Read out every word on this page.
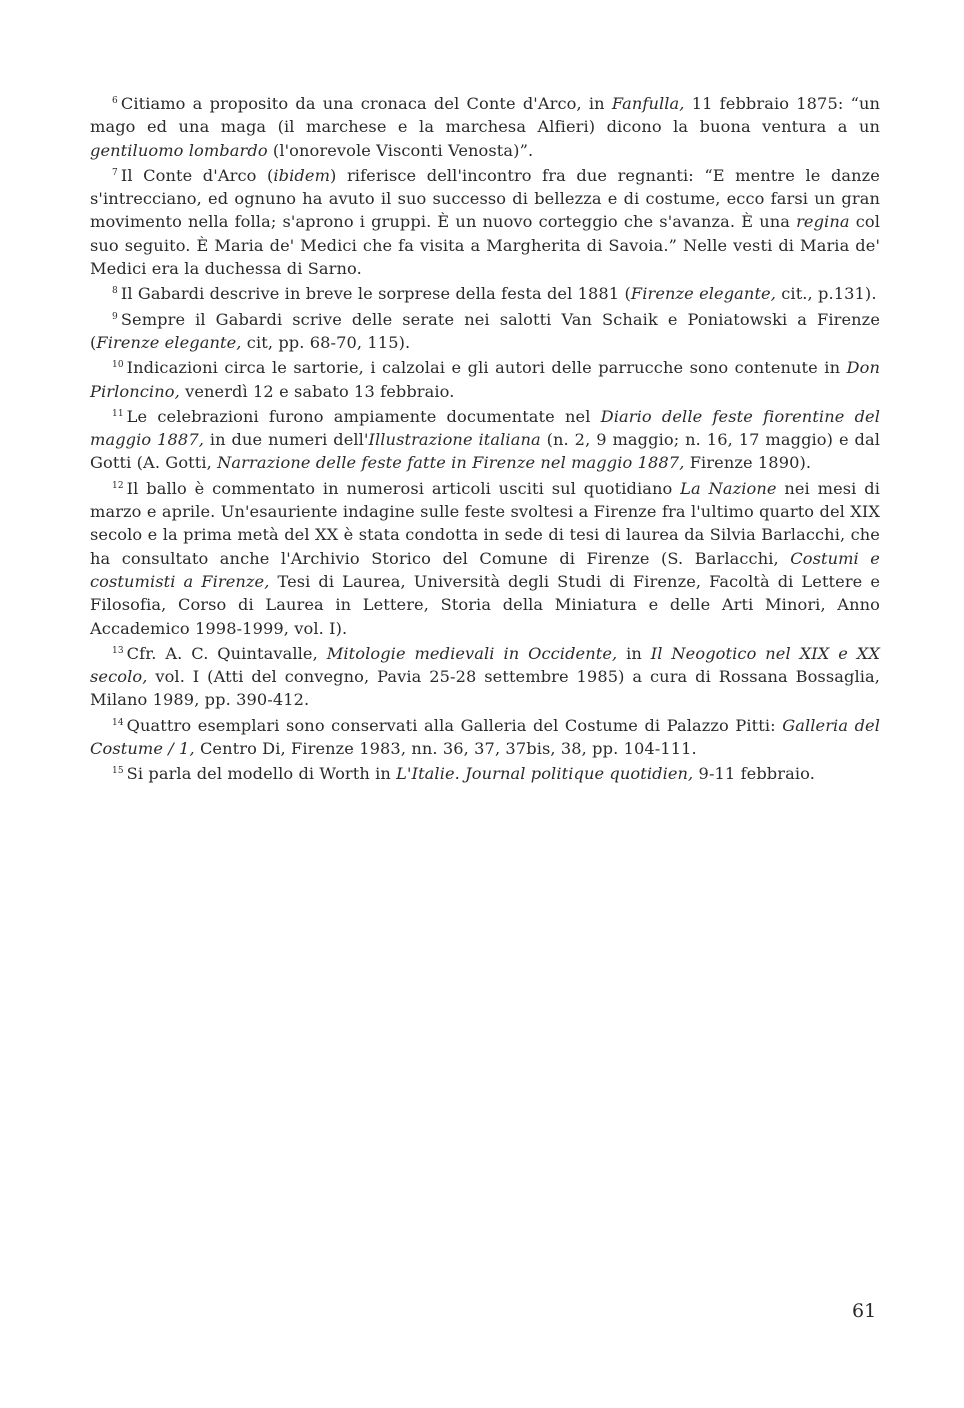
$^6$ Citiamo a proposito da una cronaca del Conte d'Arco, in Fanfulla, 11 febbraio 1875: “un mago ed una maga (il marchese e la marchesa Alfieri) dicono la buona ventura a un gentiluomo lombardo (l'onorevole Visconti Venosta)”.

$^7$ Il Conte d'Arco (ibidem) riferisce dell'incontro fra due regnanti: “E mentre le danze s'intrecciano, ed ognuno ha avuto il suo successo di bellezza e di costume, ecco farsi un gran movimento nella folla; s'aprono i gruppi. È un nuovo corteggio che s'avanza. È una regina col suo seguito. È Maria de' Medici che fa visita a Margherita di Savoia.” Nelle vesti di Maria de' Medici era la duchessa di Sarno.

$^8$ Il Gabardi descrive in breve le sorprese della festa del 1881 (Firenze elegante, cit., p.131).

$^9$ Sempre il Gabardi scrive delle serate nei salotti Van Schaik e Poniatowski a Firenze (Firenze elegante, cit, pp. 68-70, 115).

$^{10}$ Indicazioni circa le sartorie, i calzolai e gli autori delle parrucche sono contenute in Don Pirloncino, venerdì 12 e sabato 13 febbraio.

$^{11}$ Le celebrazioni furono ampiamente documentate nel Diario delle feste fiorentine del maggio 1887, in due numeri dell'Illustrazione italiana (n. 2, 9 maggio; n. 16, 17 maggio) e dal Gotti (A. Gotti, Narrazione delle feste fatte in Firenze nel maggio 1887, Firenze 1890).

$^{12}$ Il ballo è commentato in numerosi articoli usciti sul quotidiano La Nazione nei mesi di marzo e aprile. Un'esauriente indagine sulle feste svoltesi a Firenze fra l'ultimo quarto del XIX secolo e la prima metà del XX è stata condotta in sede di tesi di laurea da Silvia Barlacchi, che ha consultato anche l'Archivio Storico del Comune di Firenze (S. Barlacchi, Costumi e costumisti a Firenze, Tesi di Laurea, Università degli Studi di Firenze, Facoltà di Lettere e Filosofia, Corso di Laurea in Lettere, Storia della Miniatura e delle Arti Minori, Anno Accademico 1998-1999, vol. I).

$^{13}$ Cfr. A. C. Quintavalle, Mitologie medievali in Occidente, in Il Neogotico nel XIX e XX secolo, vol. I (Atti del convegno, Pavia 25-28 settembre 1985) a cura di Rossana Bossaglia, Milano 1989, pp. 390-412.

$^{14}$ Quattro esemplari sono conservati alla Galleria del Costume di Palazzo Pitti: Galleria del Costume / 1, Centro Di, Firenze 1983, nn. 36, 37, 37bis, 38, pp. 104-111.

$^{15}$ Si parla del modello di Worth in L'Italie. Journal politique quotidien, 9-11 febbraio.

61
